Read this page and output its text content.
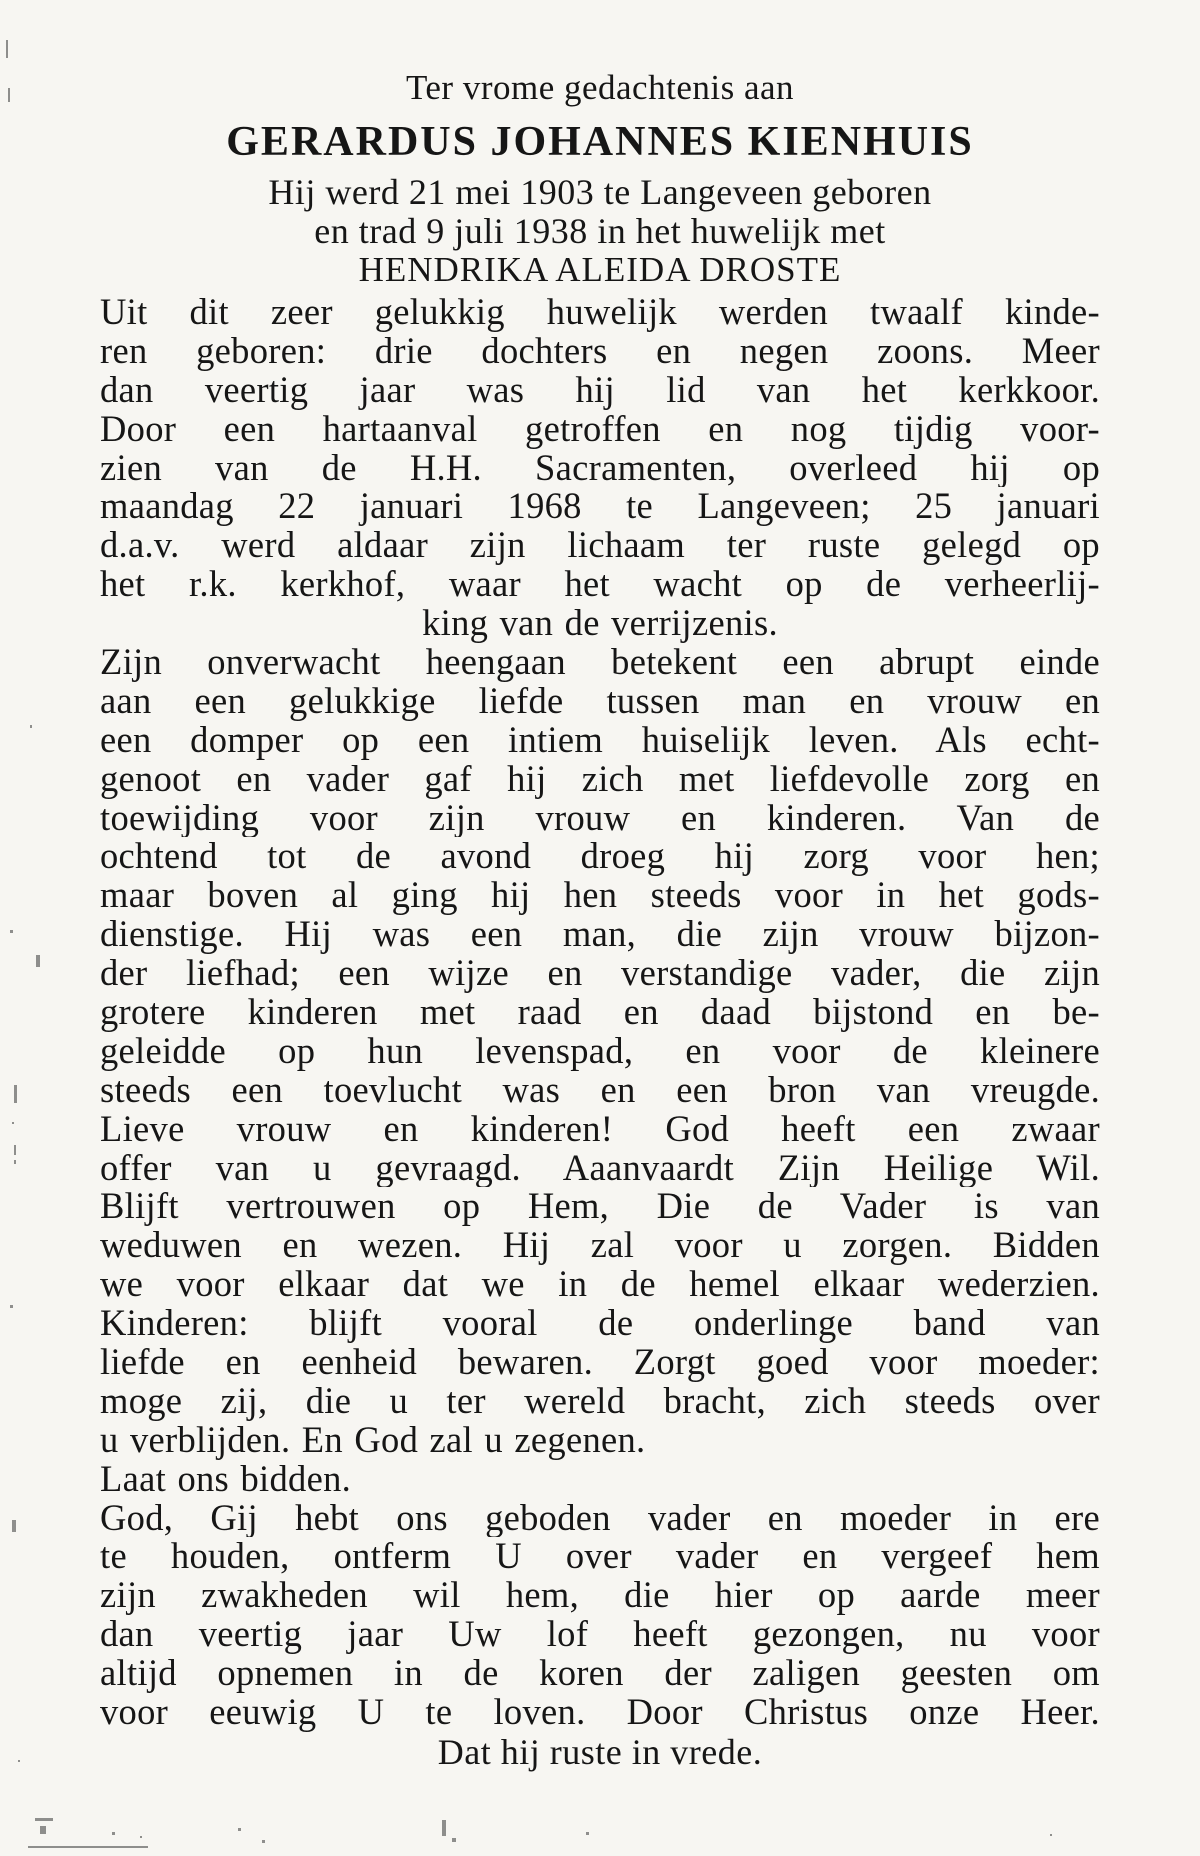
Ter vrome gedachtenis aan
GERARDUS JOHANNES KIENHUIS
Hij werd 21 mei 1903 te Langeveen geboren
en trad 9 juli 1938 in het huwelijk met
HENDRIKA ALEIDA DROSTE
Uit dit zeer gelukkig huwelijk werden twaalf kinde-
ren geboren: drie dochters en negen zoons. Meer
dan veertig jaar was hij lid van het kerkkoor.
Door een hartaanval getroffen en nog tijdig voor-
zien van de H.H. Sacramenten, overleed hij op
maandag 22 januari 1968 te Langeveen; 25 januari
d.a.v. werd aldaar zijn lichaam ter ruste gelegd op
het r.k. kerkhof, waar het wacht op de verheerlij-
king van de verrijzenis.
Zijn onverwacht heengaan betekent een abrupt einde
aan een gelukkige liefde tussen man en vrouw en
een domper op een intiem huiselijk leven. Als echt-
genoot en vader gaf hij zich met liefdevolle zorg en
toewijding voor zijn vrouw en kinderen. Van de
ochtend tot de avond droeg hij zorg voor hen;
maar boven al ging hij hen steeds voor in het gods-
dienstige. Hij was een man, die zijn vrouw bijzon-
der liefhad; een wijze en verstandige vader, die zijn
grotere kinderen met raad en daad bijstond en be-
geleidde op hun levenspad, en voor de kleinere
steeds een toevlucht was en een bron van vreugde.
Lieve vrouw en kinderen! God heeft een zwaar
offer van u gevraagd. Aaanvaardt Zijn Heilige Wil.
Blijft vertrouwen op Hem, Die de Vader is van
weduwen en wezen. Hij zal voor u zorgen. Bidden
we voor elkaar dat we in de hemel elkaar wederzien.
Kinderen: blijft vooral de onderlinge band van
liefde en eenheid bewaren. Zorgt goed voor moeder:
moge zij, die u ter wereld bracht, zich steeds over
u verblijden. En God zal u zegenen.
Laat ons bidden.
God, Gij hebt ons geboden vader en moeder in ere
te houden, ontferm U over vader en vergeef hem
zijn zwakheden wil hem, die hier op aarde meer
dan veertig jaar Uw lof heeft gezongen, nu voor
altijd opnemen in de koren der zaligen geesten om
voor eeuwig U te loven. Door Christus onze Heer.
Dat hij ruste in vrede.
